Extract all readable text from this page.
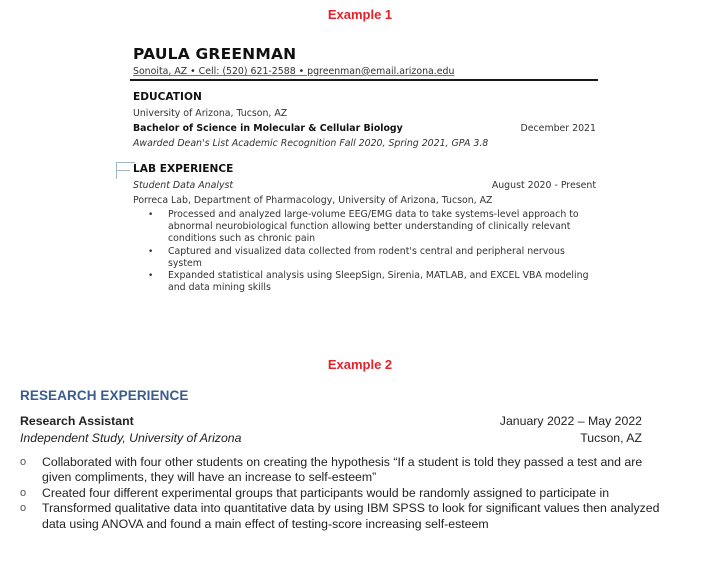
Example 1
PAULA GREENMAN
Sonoita, AZ • Cell: (520) 621-2588 • pgreenman@email.arizona.edu
EDUCATION
University of Arizona, Tucson, AZ
Bachelor of Science in Molecular & Cellular Biology	December 2021
Awarded Dean's List Academic Recognition Fall 2020, Spring 2021, GPA 3.8
LAB EXPERIENCE
Student Data Analyst	August 2020 - Present
Porreca Lab, Department of Pharmacology, University of Arizona, Tucson, AZ
• Processed and analyzed large-volume EEG/EMG data to take systems-level approach to abnormal neurobiological function allowing better understanding of clinically relevant conditions such as chronic pain
• Captured and visualized data collected from rodent's central and peripheral nervous system
• Expanded statistical analysis using SleepSign, Sirenia, MATLAB, and EXCEL VBA modeling and data mining skills
Example 2
RESEARCH EXPERIENCE
Research Assistant	January 2022 – May 2022
Independent Study, University of Arizona	Tucson, AZ
o Collaborated with four other students on creating the hypothesis “If a student is told they passed a test and are given compliments, they will have an increase to self-esteem”
o Created four different experimental groups that participants would be randomly assigned to participate in
o Transformed qualitative data into quantitative data by using IBM SPSS to look for significant values then analyzed data using ANOVA and found a main effect of testing-score increasing self-esteem
